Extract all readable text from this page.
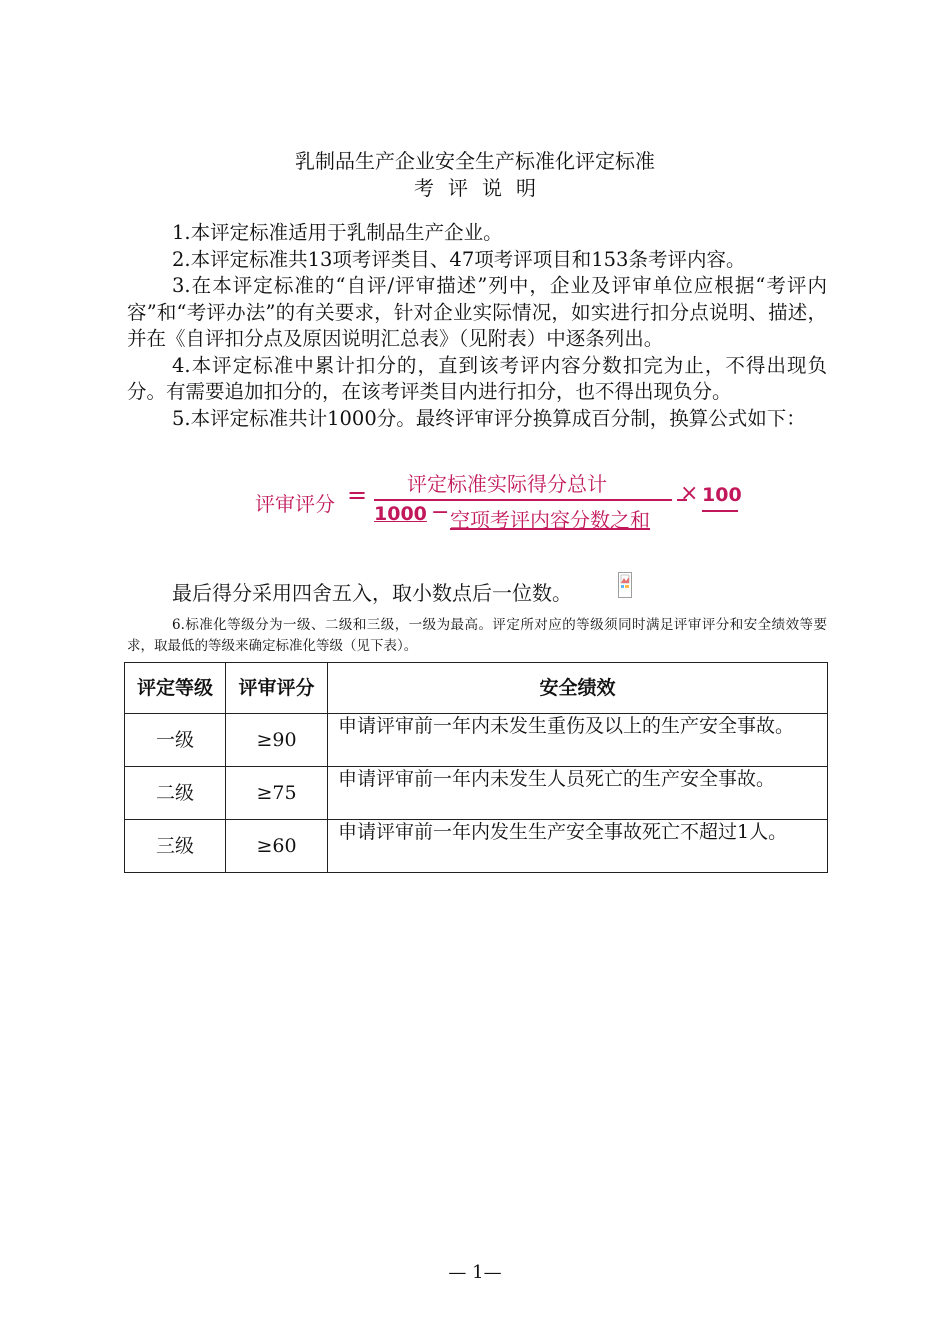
乳制品生产企业安全生产标准化评定标准
考评说明
1.本评定标准适用于乳制品生产企业。
2.本评定标准共13项考评类目、47项考评项目和153条考评内容。
3.在本评定标准的“自评/评审描述”列中，企业及评审单位应根据“考评内容”和“考评办法”的有关要求，针对企业实际情况，如实进行扣分点说明、描述，并在《自评扣分点及原因说明汇总表》（见附表）中逐条列出。
4.本评定标准中累计扣分的，直到该考评内容分数扣完为止，不得出现负分。有需要追加扣分的，在该考评类目内进行扣分，也不得出现负分。
5.本评定标准共计1000分。最终评审评分换算成百分制，换算公式如下：
评审评分 = 评定标准实际得分总计
1000 − 空项考评内容分数之和
× 100
最后得分采用四舍五入，取小数点后一位数。
6.标准化等级分为一级、二级和三级，一级为最高。评定所对应的等级须同时满足评审评分和安全绩效等要求，取最低的等级来确定标准化等级（见下表）。
评定等级	评审评分	安全绩效
一级	≥90	申请评审前一年内未发生重伤及以上的生产安全事故。
二级	≥75	申请评审前一年内未发生人员死亡的生产安全事故。
三级	≥60	申请评审前一年内发生生产安全事故死亡不超过1人。
— 1—
